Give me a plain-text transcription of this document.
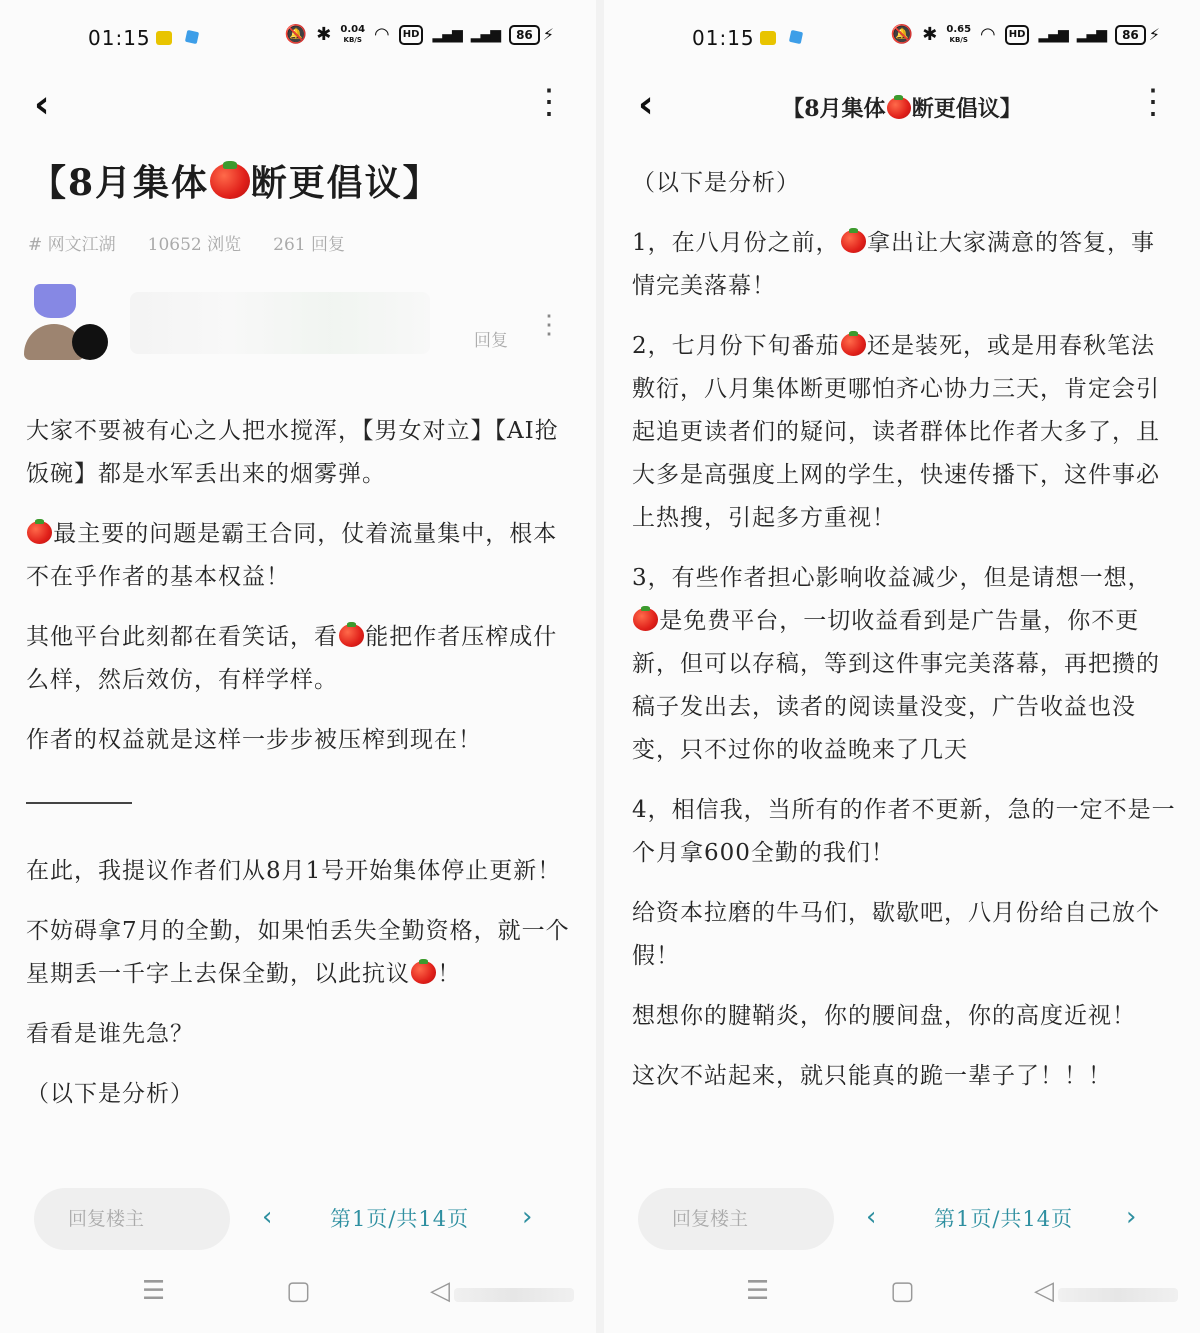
01:15	🔕 ✱ 0.04
KB/S ◠	HD ▂▄▆ ▂▄▆	86 ⚡
‹	⋮
【8月集体 断更倡议】
# 网文江湖 10652 浏览 261 回复
回复
⋮

大家不要被有心之人把水搅浑，【男女对立】【AI抢饭碗】都是水军丢出来的烟雾弹。

最主要的问题是霸王合同，仗着流量集中，根本不在乎作者的基本权益！

其他平台此刻都在看笑话，看 能把作者压榨成什么样，然后效仿，有样学样。

作者的权益就是这样一步步被压榨到现在！

在此，我提议作者们从8月1号开始集体停止更新！

不妨碍拿7月的全勤，如果怕丢失全勤资格，就一个星期丢一千字上去保全勤，以此抗议 ！

看看是谁先急？

（以下是分析）

回复楼主	‹	第1页/共14页 ›
☰	▢	◁
01:15	🔕 ✱ 0.65
KB/S ◠	HD ▂▄▆ ▂▄▆	86 ⚡
‹	【8月集体 断更倡议】	⋮

（以下是分析）

1，在八月份之前， 拿出让大家满意的答复，事情完美落幕！

2，七月份下旬番茄 还是装死，或是用春秋笔法敷衍，八月集体断更哪怕齐心协力三天，肯定会引起追更读者们的疑问，读者群体比作者大多了，且大多是高强度上网的学生，快速传播下，这件事必上热搜，引起多方重视！

3，有些作者担心影响收益减少，但是请想一想，是免费平台，一切收益看到是广告量，你不更新，但可以存稿，等到这件事完美落幕，再把攒的稿子发出去，读者的阅读量没变，广告收益也没变，只不过你的收益晚来了几天

4，相信我，当所有的作者不更新，急的一定不是一个月拿600全勤的我们！

给资本拉磨的牛马们，歇歇吧，八月份给自己放个假！

想想你的腱鞘炎，你的腰间盘，你的高度近视！

这次不站起来，就只能真的跪一辈子了！！！

回复楼主	‹	第1页/共14页 ›
☰	▢	◁
